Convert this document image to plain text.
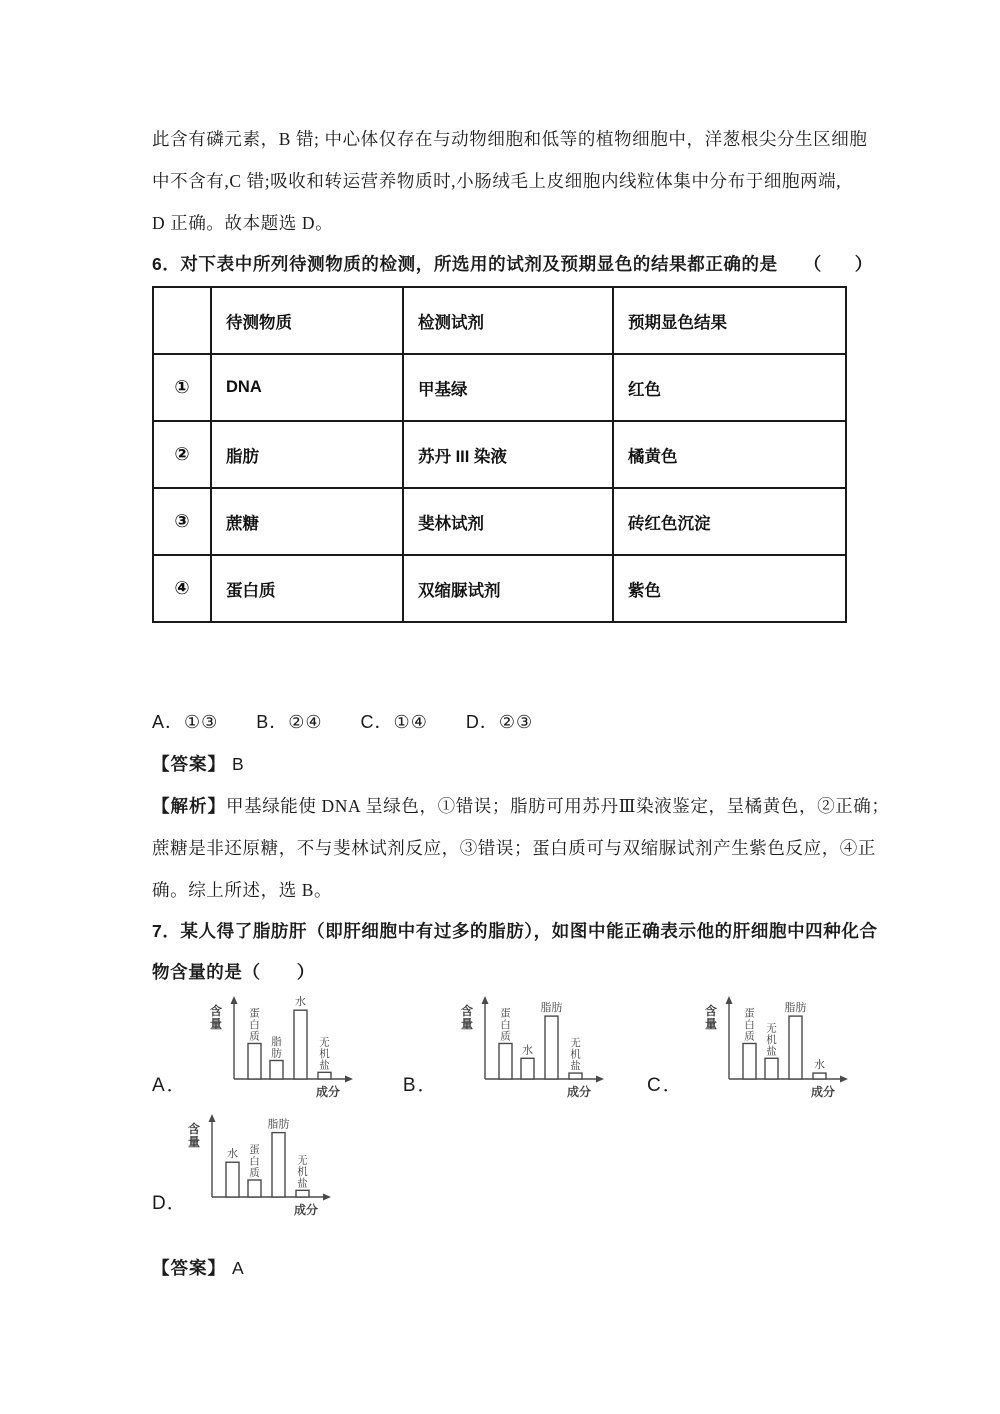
此含有磷元素，B 错; 中心体仅存在与动物细胞和低等的植物细胞中，洋葱根尖分生区细胞
中不含有,C 错;吸收和转运营养物质时,小肠绒毛上皮细胞内线粒体集中分布于细胞两端,
D 正确。故本题选 D。
6．对下表中所列待测物质的检测，所选用的试剂及预期显色的结果都正确的是 （　）
	待测物质	检测试剂	预期显色结果
①	DNA	甲基绿	红色
②	脂肪	苏丹 III 染液	橘黄色
③	蔗糖	斐林试剂	砖红色沉淀
④	蛋白质	双缩脲试剂	紫色
A．①③　　B．②④　　C．①④　　D．②③
【答案】 B
【解析】甲基绿能使 DNA 呈绿色，①错误；脂肪可用苏丹Ⅲ染液鉴定，呈橘黄色，②正确；
蔗糖是非还原糖，不与斐林试剂反应，③错误；蛋白质可与双缩脲试剂产生紫色反应，④正
确。综上所述，选 B。
7．某人得了脂肪肝（即肝细胞中有过多的脂肪），如图中能正确表示他的肝细胞中四种化合
物含量的是（　　）
A．
含
量
成分
蛋
白
质 脂
肪
水
无
机
盐
B．
含
量
成分
蛋
白
质
水
脂肪
无
机
盐
C．
含
量
成分
蛋
白
质
无
机
盐
脂肪
水
D．
含
量
成分
水 蛋
白
质
脂肪
无
机
盐
【答案】 A
